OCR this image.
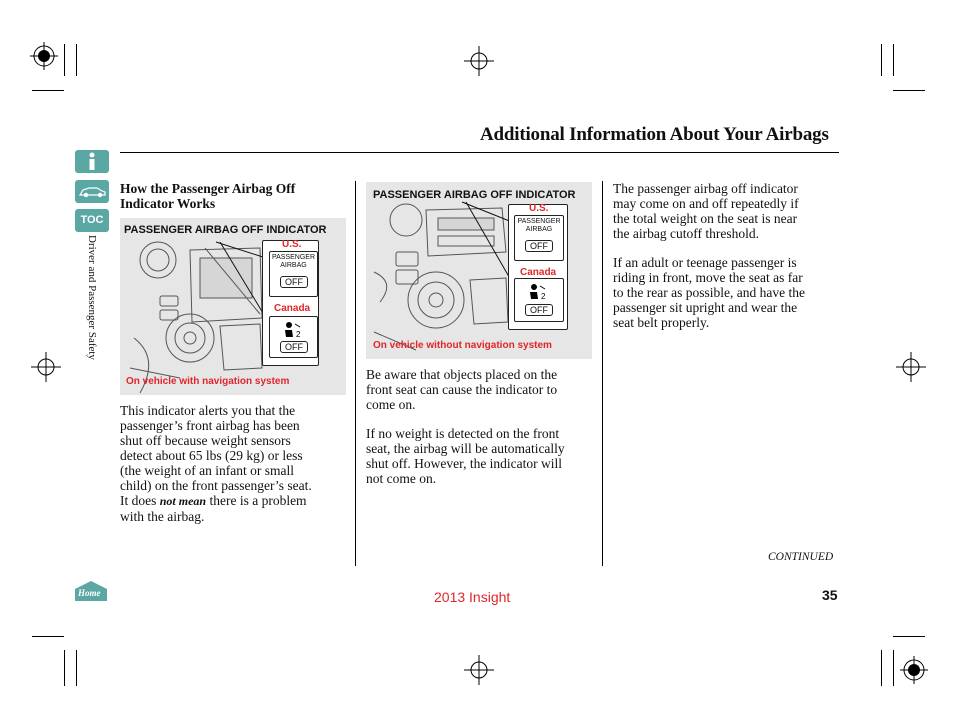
Additional Information About Your Airbags
TOC
Driver and Passenger Safety
Home
How the Passenger Airbag Off
Indicator Works
PASSENGER AIRBAG OFF INDICATOR
U.S.
PASSENGER
AIRBAG
OFF
Canada
2
OFF
On vehicle with navigation system
This indicator alerts you that the
passenger’s front airbag has been
shut off because weight sensors
detect about 65 lbs (29 kg) or less
(the weight of an infant or small
child) on the front passenger’s seat.
It does not mean there is a problem
with the airbag.
PASSENGER AIRBAG OFF INDICATOR
U.S.
PASSENGER
AIRBAG
OFF
Canada
2
OFF
On vehicle without navigation system
Be aware that objects placed on the
front seat can cause the indicator to
come on.
If no weight is detected on the front
seat, the airbag will be automatically
shut off. However, the indicator will
not come on.
The passenger airbag off indicator
may come on and off repeatedly if
the total weight on the seat is near
the airbag cutoff threshold.
If an adult or teenage passenger is
riding in front, move the seat as far
to the rear as possible, and have the
passenger sit upright and wear the
seat belt properly.
CONTINUED
2013 Insight	35
